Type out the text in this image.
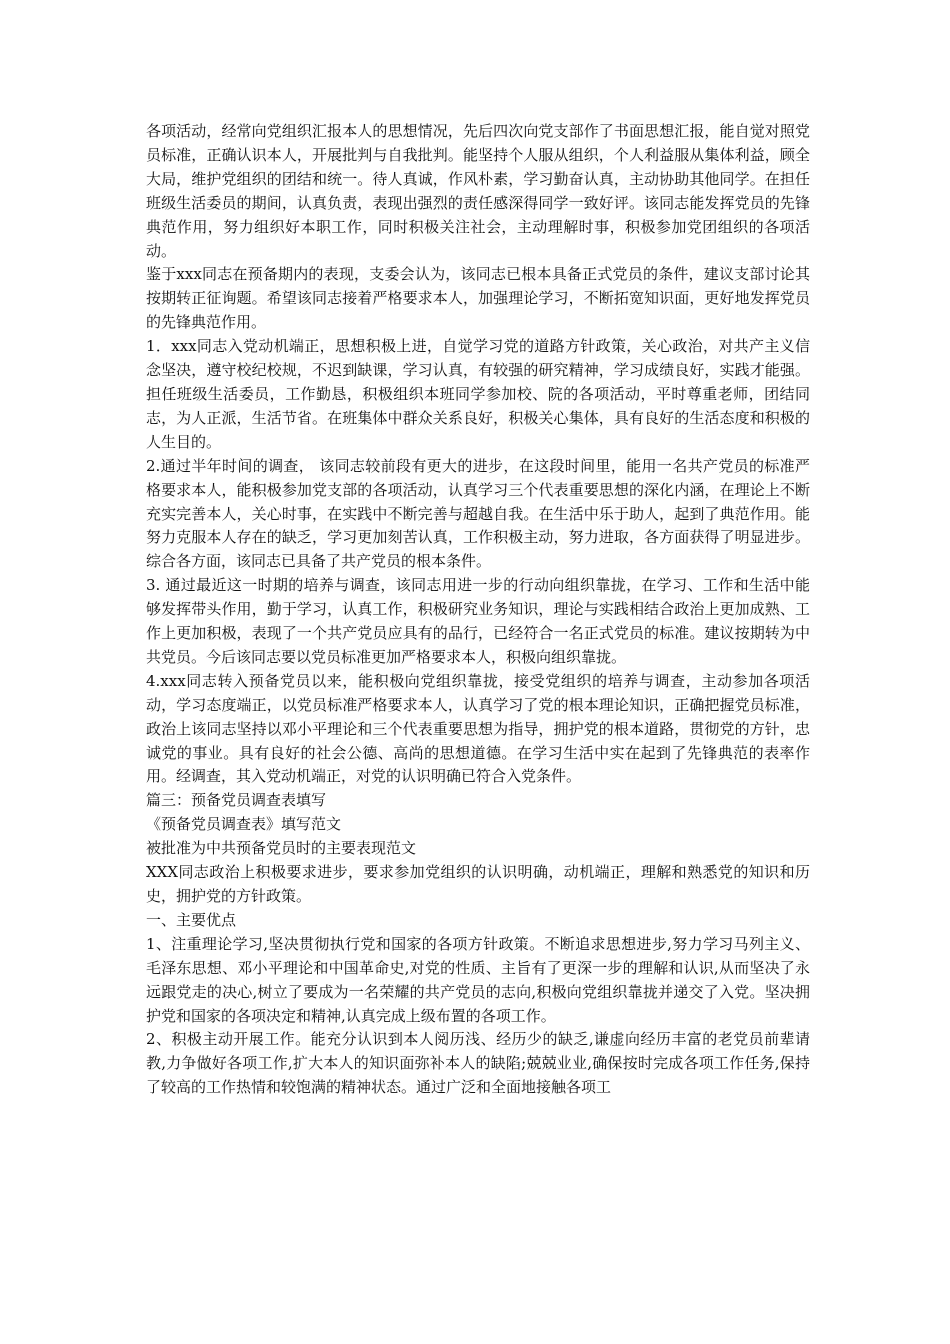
各项活动，经常向党组织汇报本人的思想情况，先后四次向党支部作了书面思想汇报，能自觉对照党员标准，正确认识本人，开展批判与自我批判。能坚持个人服从组织，个人利益服从集体利益，顾全大局，维护党组织的团结和统一。待人真诚，作风朴素，学习勤奋认真，主动协助其他同学。在担任班级生活委员的期间，认真负责，表现出强烈的责任感深得同学一致好评。该同志能发挥党员的先锋典范作用，努力组织好本职工作，同时积极关注社会，主动理解时事，积极参加党团组织的各项活动。

鉴于xxx同志在预备期内的表现，支委会认为，该同志已根本具备正式党员的条件，建议支部讨论其按期转正征询题。希望该同志接着严格要求本人，加强理论学习，不断拓宽知识面，更好地发挥党员的先锋典范作用。

1．xxx同志入党动机端正，思想积极上进，自觉学习党的道路方针政策，关心政治，对共产主义信念坚决，遵守校纪校规，不迟到缺课，学习认真，有较强的研究精神，学习成绩良好，实践才能强。担任班级生活委员，工作勤恳，积极组织本班同学参加校、院的各项活动，平时尊重老师，团结同志，为人正派，生活节省。在班集体中群众关系良好，积极关心集体，具有良好的生活态度和积极的人生目的。

2.通过半年时间的调查， 该同志较前段有更大的进步，在这段时间里，能用一名共产党员的标准严格要求本人，能积极参加党支部的各项活动，认真学习三个代表重要思想的深化内涵，在理论上不断充实完善本人，关心时事，在实践中不断完善与超越自我。在生活中乐于助人，起到了典范作用。能努力克服本人存在的缺乏，学习更加刻苦认真，工作积极主动，努力进取，各方面获得了明显进步。综合各方面，该同志已具备了共产党员的根本条件。

3. 通过最近这一时期的培养与调查，该同志用进一步的行动向组织靠拢，在学习、工作和生活中能够发挥带头作用，勤于学习，认真工作，积极研究业务知识，理论与实践相结合政治上更加成熟、工作上更加积极，表现了一个共产党员应具有的品行，已经符合一名正式党员的标准。建议按期转为中共党员。今后该同志要以党员标准更加严格要求本人，积极向组织靠拢。

4.xxx同志转入预备党员以来，能积极向党组织靠拢，接受党组织的培养与调查，主动参加各项活动，学习态度端正，以党员标准严格要求本人，认真学习了党的根本理论知识，正确把握党员标准， 政治上该同志坚持以邓小平理论和三个代表重要思想为指导，拥护党的根本道路，贯彻党的方针，忠诚党的事业。具有良好的社会公德、高尚的思想道德。在学习生活中实在起到了先锋典范的表率作用。经调查，其入党动机端正，对党的认识明确已符合入党条件。

篇三：预备党员调查表填写

《预备党员调查表》填写范文

被批准为中共预备党员时的主要表现范文

XXX同志政治上积极要求进步，要求参加党组织的认识明确，动机端正，理解和熟悉党的知识和历史，拥护党的方针政策。

一、主要优点

1、注重理论学习,坚决贯彻执行党和国家的各项方针政策。不断追求思想进步,努力学习马列主义、毛泽东思想、邓小平理论和中国革命史,对党的性质、主旨有了更深一步的理解和认识,从而坚决了永远跟党走的决心,树立了要成为一名荣耀的共产党员的志向,积极向党组织靠拢并递交了入党。坚决拥护党和国家的各项决定和精神,认真完成上级布置的各项工作。

2、积极主动开展工作。能充分认识到本人阅历浅、经历少的缺乏,谦虚向经历丰富的老党员前辈请教,力争做好各项工作,扩大本人的知识面弥补本人的缺陷;兢兢业业,确保按时完成各项工作任务,保持了较高的工作热情和较饱满的精神状态。通过广泛和全面地接触各项工
